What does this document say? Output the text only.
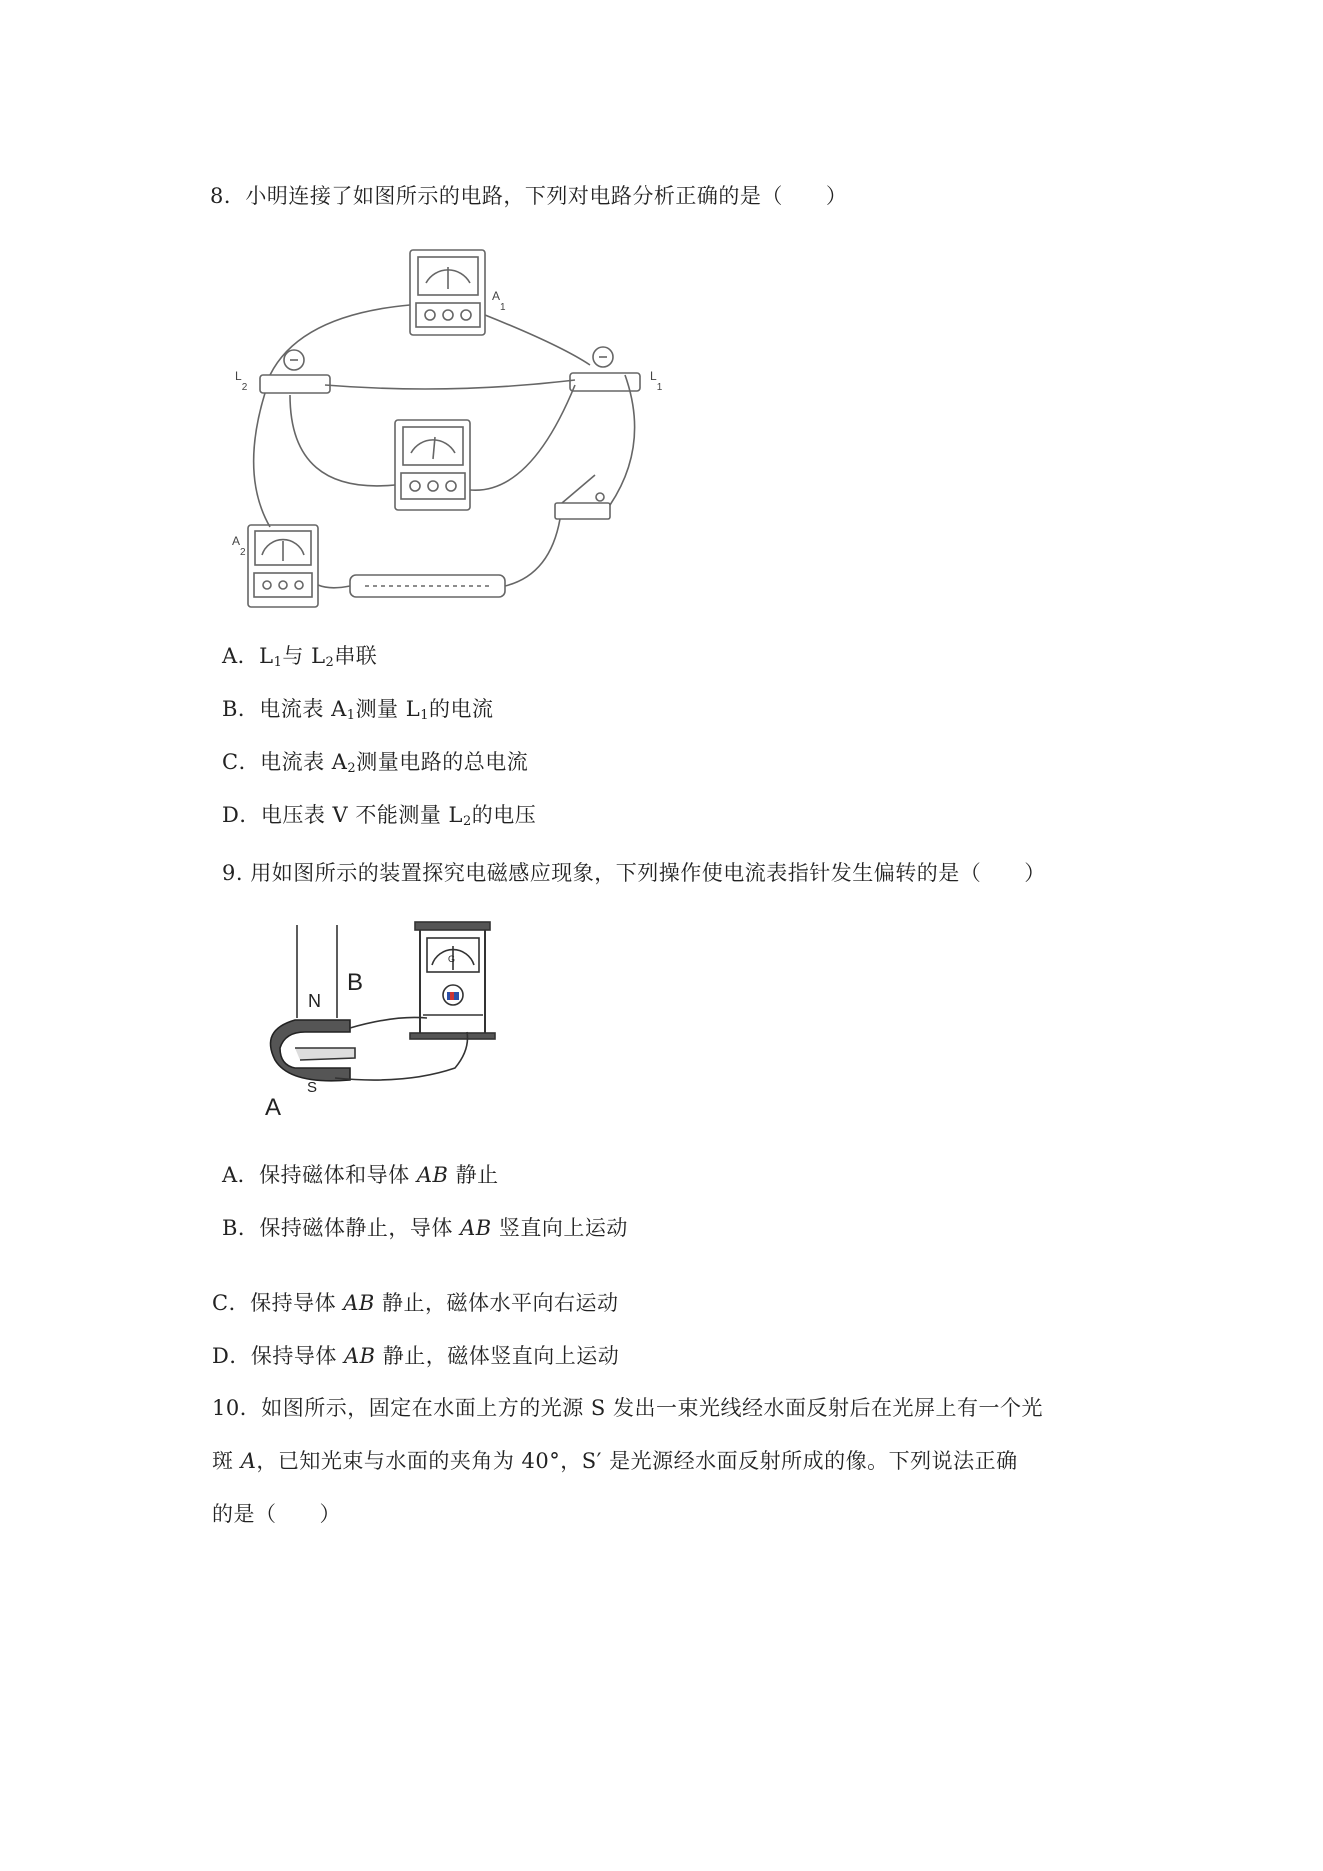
8．小明连接了如图所示的电路，下列对电路分析正确的是（　　）
$A_1$
$L_2$
$L_1$
$A_2$
A．$L_1$与 $L_2$串联
B．电流表 $A_1$测量 $L_1$的电流
C．电流表 $A_2$测量电路的总电流
D．电压表 V 不能测量 $L_2$的电压
9. 用如图所示的装置探究电磁感应现象，下列操作使电流表指针发生偏转的是（　　）
N
B
A
S
G
A．保持磁体和导体 AB 静止
B．保持磁体静止，导体 AB 竖直向上运动
C．保持导体 AB 静止，磁体水平向右运动
D．保持导体 AB 静止，磁体竖直向上运动
10．如图所示，固定在水面上方的光源 S 发出一束光线经水面反射后在光屏上有一个光
斑 A，已知光束与水面的夹角为 40°，S′ 是光源经水面反射所成的像。下列说法正确
的是（　　）
